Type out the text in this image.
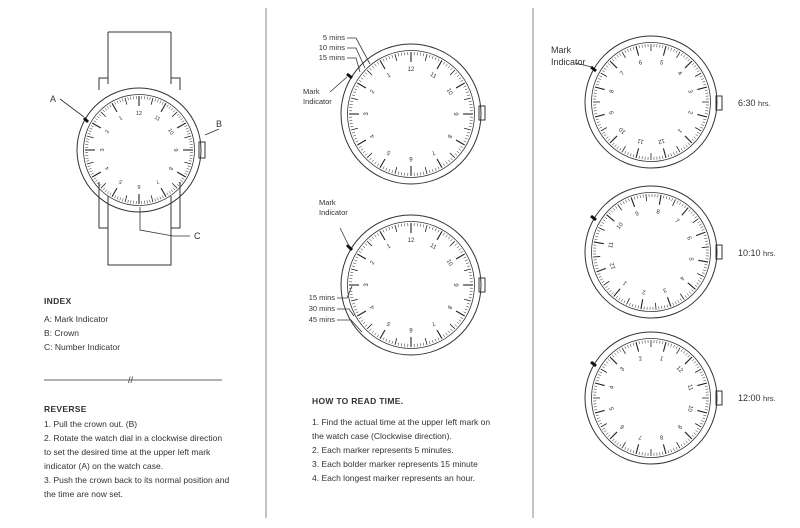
12
11
10
9
8
7
6
5
4
3
2
1
A
B
C
//
12
11
10
9
8
7
6
5
4
3
2
1
5 mins
10 mins
15 mins
Mark
Indicator
12
11
10
9
8
7
6
5
4
3
2
1
Mark
Indicator
15 mins
30 mins
45 mins
12
11
10
9
8
7
6	5
4
3
2
1
Mark
Indicator
12
11
10
9	8
7
6
5
4
3
2
1
12
11
10
9
8
7
6
5
4
3
2	1
6:30 hrs.
10:10 hrs.
12:00 hrs.
INDEX
A: Mark Indicator
B: Crown
C: Number Indicator
REVERSE
1. Pull the crown out. (B)
2. Rotate the watch dial in a clockwise direction
to set the desired time at the upper left mark
indicator (A) on the watch case.
3. Push the crown back to its normal position and
the time are now set.
HOW TO READ TIME.
1. Find the actual time at the upper left mark on
the watch case (Clockwise direction).
2. Each marker represents 5 minutes.
3. Each bolder marker represents 15 minute
4. Each longest marker represents an hour.
